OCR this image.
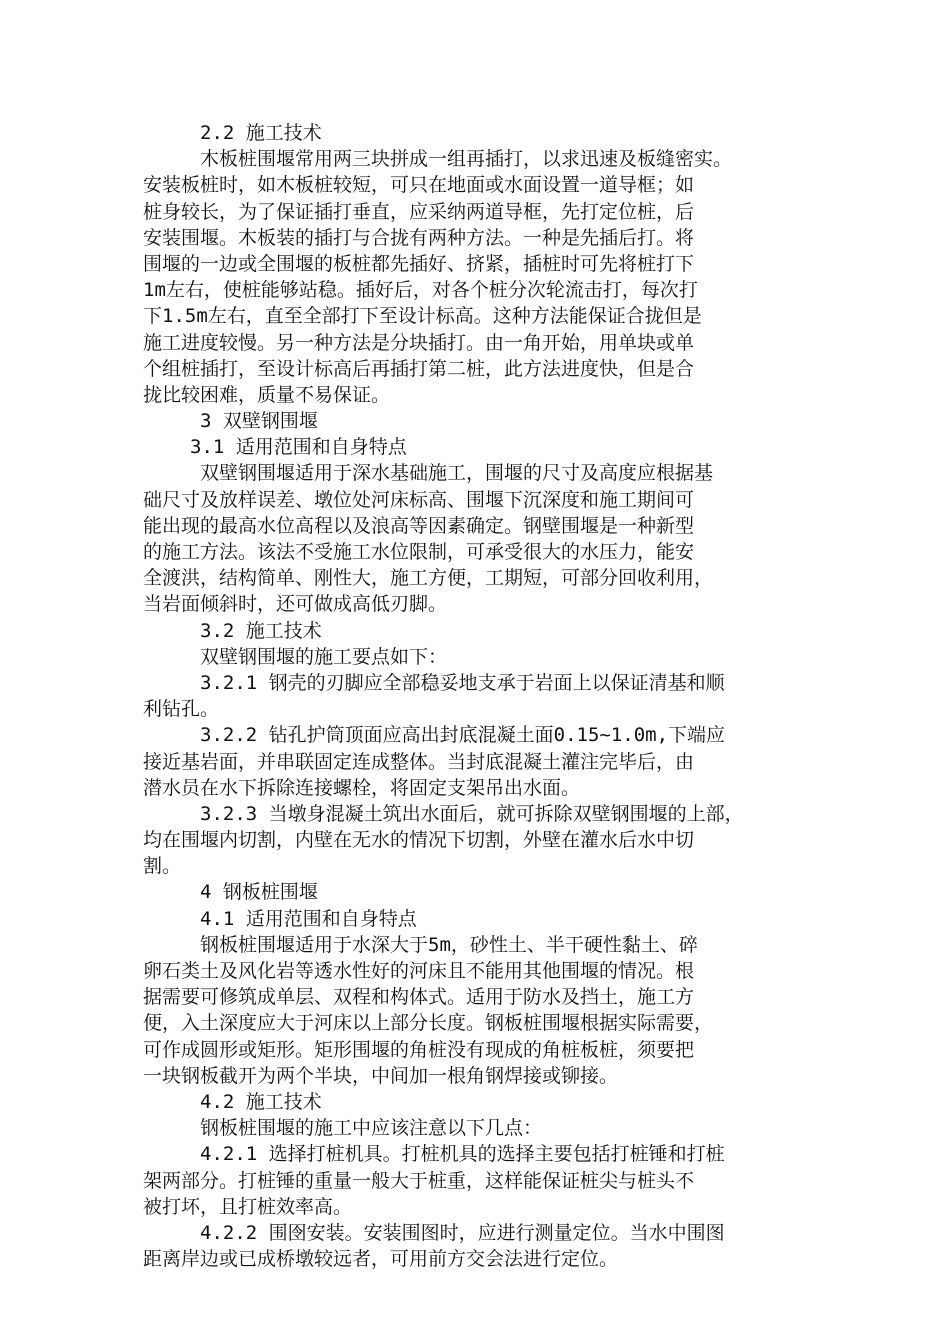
2.2 施工技术
木板桩围堰常用两三块拼成一组再插打，以求迅速及板缝密实。
安装板桩时，如木板桩较短，可只在地面或水面设置一道导框；如
桩身较长，为了保证插打垂直，应采纳两道导框，先打定位桩，后
安装围堰。木板装的插打与合拢有两种方法。一种是先插后打。将
围堰的一边或全围堰的板桩都先插好、挤紧，插桩时可先将桩打下
1m左右，使桩能够站稳。插好后，对各个桩分次轮流击打，每次打
下1.5m左右，直至全部打下至设计标高。这种方法能保证合拢但是
施工进度较慢。另一种方法是分块插打。由一角开始，用单块或单
个组桩插打，至设计标高后再插打第二桩，此方法进度快，但是合
拢比较困难，质量不易保证。
3 双壁钢围堰
3.1 适用范围和自身特点
双壁钢围堰适用于深水基础施工，围堰的尺寸及高度应根据基
础尺寸及放样误差、墩位处河床标高、围堰下沉深度和施工期间可
能出现的最高水位高程以及浪高等因素确定。钢壁围堰是一种新型
的施工方法。该法不受施工水位限制，可承受很大的水压力，能安
全渡洪，结构简单、刚性大，施工方便，工期短，可部分回收利用，
当岩面倾斜时，还可做成高低刃脚。
3.2 施工技术
双壁钢围堰的施工要点如下：
3.2.1 钢壳的刃脚应全部稳妥地支承于岩面上以保证清基和顺
利钻孔。
3.2.2 钻孔护筒顶面应高出封底混凝土面0.15~1.0m,下端应
接近基岩面，并串联固定连成整体。当封底混凝土灌注完毕后，由
潜水员在水下拆除连接螺栓，将固定支架吊出水面。
3.2.3 当墩身混凝土筑出水面后，就可拆除双壁钢围堰的上部，
均在围堰内切割，内壁在无水的情况下切割，外壁在灌水后水中切
割。
4 钢板桩围堰
4.1 适用范围和自身特点
钢板桩围堰适用于水深大于5m，砂性土、半干硬性黏土、碎
卵石类土及风化岩等透水性好的河床且不能用其他围堰的情况。根
据需要可修筑成单层、双程和构体式。适用于防水及挡土，施工方
便，入土深度应大于河床以上部分长度。钢板桩围堰根据实际需要，
可作成圆形或矩形。矩形围堰的角桩没有现成的角桩板桩，须要把
一块钢板截开为两个半块，中间加一根角钢焊接或铆接。
4.2 施工技术
钢板桩围堰的施工中应该注意以下几点：
4.2.1 选择打桩机具。打桩机具的选择主要包括打桩锤和打桩
架两部分。打桩锤的重量一般大于桩重，这样能保证桩尖与桩头不
被打坏，且打桩效率高。
4.2.2 围囹安装。安装围图时，应进行测量定位。当水中围图
距离岸边或已成桥墩较远者，可用前方交会法进行定位。
